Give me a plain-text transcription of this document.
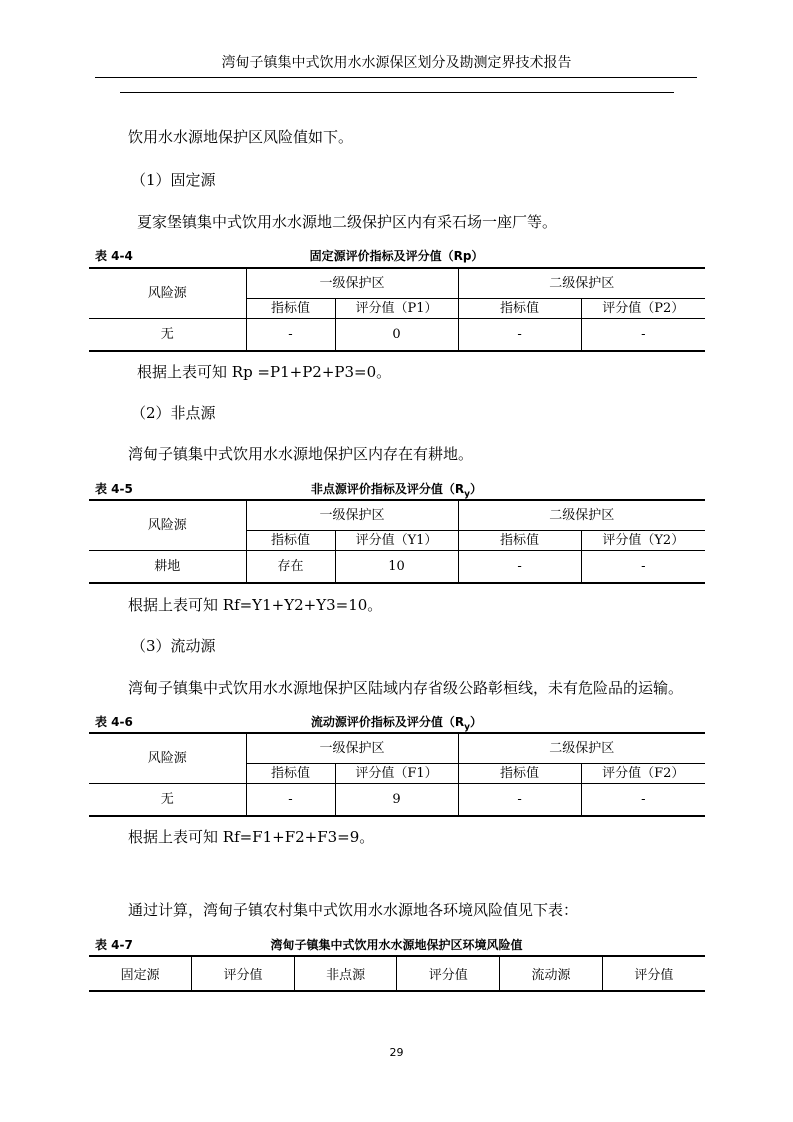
湾甸子镇集中式饮用水水源保区划分及勘测定界技术报告
饮用水水源地保护区风险值如下。
（1）固定源
夏家堡镇集中式饮用水水源地二级保护区内有采石场一座厂等。
表 4-4	固定源评价指标及评分值（Rp）
风险源	一级保护区		二级保护区	
	指标值	评分值（P1）	指标值	评分值（P2）
无	-	0	-	-
根据上表可知 Rp =P1+P2+P3=0。
（2）非点源
湾甸子镇集中式饮用水水源地保护区内存在有耕地。
表 4-5	非点源评价指标及评分值$(R_y)$
风险源	一级保护区		二级保护区	
	指标值	评分值（Y1）	指标值	评分值（Y2）
耕地	存在	10	-	-
根据上表可知 Rf=Y1+Y2+Y3=10。
（3）流动源
湾甸子镇集中式饮用水水源地保护区陆域内存省级公路彰桓线，未有危险品的运输。
表 4-6	流动源评价指标及评分值$(R_y)$
风险源	一级保护区		二级保护区	
	指标值	评分值（F1）	指标值	评分值（F2）
无	-	9	-	-
根据上表可知 Rf=F1+F2+F3=9。
通过计算，湾甸子镇农村集中式饮用水水源地各环境风险值见下表：
表 4-7	湾甸子镇集中式饮用水水源地保护区环境风险值
固定源	评分值	非点源	评分值	流动源	评分值
29
